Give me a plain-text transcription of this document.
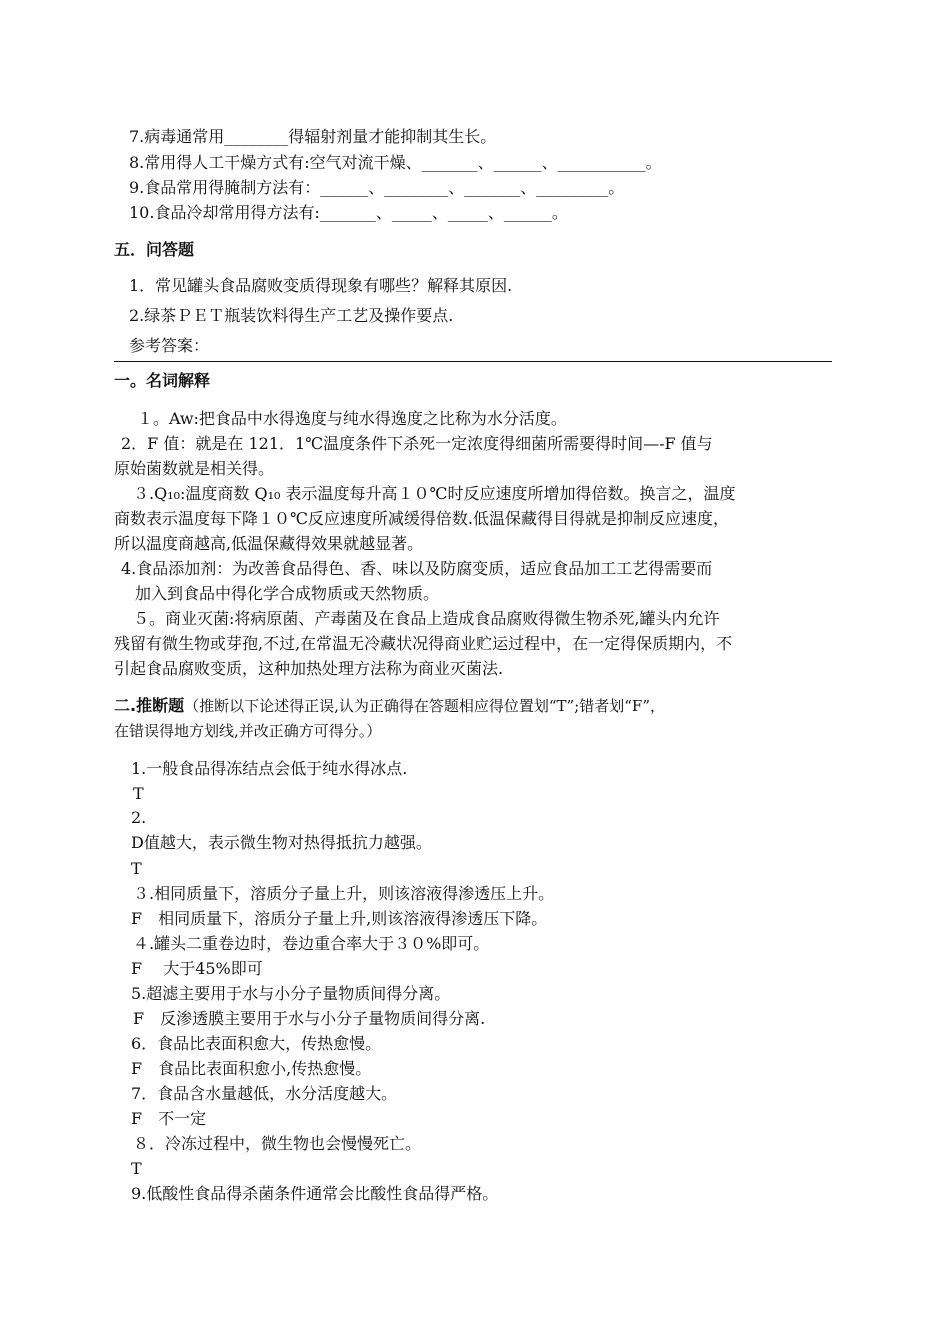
7.病毒通常用________得辐射剂量才能抑制其生长。
8.常用得人工干燥方式有:空气对流干燥、_______、______、___________。
9.食品常用得腌制方法有：______、________、_______、_________。
10.食品冷却常用得方法有:_______、_____、_____、______。
五．问答题
1．常见罐头食品腐败变质得现象有哪些？解释其原因.
2.绿茶ＰＥＴ瓶装饮料得生产工艺及操作要点.
参考答案：
一。名词解释
１。Aw:把食品中水得逸度与纯水得逸度之比称为水分活度。
2．F 值：就是在 121．1℃温度条件下杀死一定浓度得细菌所需要得时间—-F 值与
原始菌数就是相关得。
３.Q₁₀:温度商数 Q₁₀ 表示温度每升高１０℃时反应速度所增加得倍数。换言之，温度
商数表示温度每下降１０℃反应速度所减缓得倍数.低温保藏得目得就是抑制反应速度，
所以温度商越高,低温保藏得效果就越显著。
4.食品添加剂：为改善食品得色、香、味以及防腐变质，适应食品加工工艺得需要而
加入到食品中得化学合成物质或天然物质。
５。商业灭菌:将病原菌、产毒菌及在食品上造成食品腐败得微生物杀死,罐头内允许
残留有微生物或芽孢,不过,在常温无冷藏状况得商业贮运过程中，在一定得保质期内，不
引起食品腐败变质，这种加热处理方法称为商业灭菌法.
二.推断题（推断以下论述得正误,认为正确得在答题相应得位置划“T”;错者划“F”，
在错误得地方划线,并改正确方可得分。）
1.一般食品得冻结点会低于纯水得冰点.
T
2.
D值越大，表示微生物对热得抵抗力越强。
T
３.相同质量下，溶质分子量上升，则该溶液得渗透压上升。
F　相同质量下，溶质分子量上升,则该溶液得渗透压下降。
４.罐头二重卷边时，卷边重合率大于３０%即可。
F　 大于45%即可
5.超滤主要用于水与小分子量物质间得分离。
F　反渗透膜主要用于水与小分子量物质间得分离.
6．食品比表面积愈大，传热愈慢。
F　食品比表面积愈小,传热愈慢。
7．食品含水量越低，水分活度越大。
F　不一定
８．冷冻过程中，微生物也会慢慢死亡。
T
9.低酸性食品得杀菌条件通常会比酸性食品得严格。
